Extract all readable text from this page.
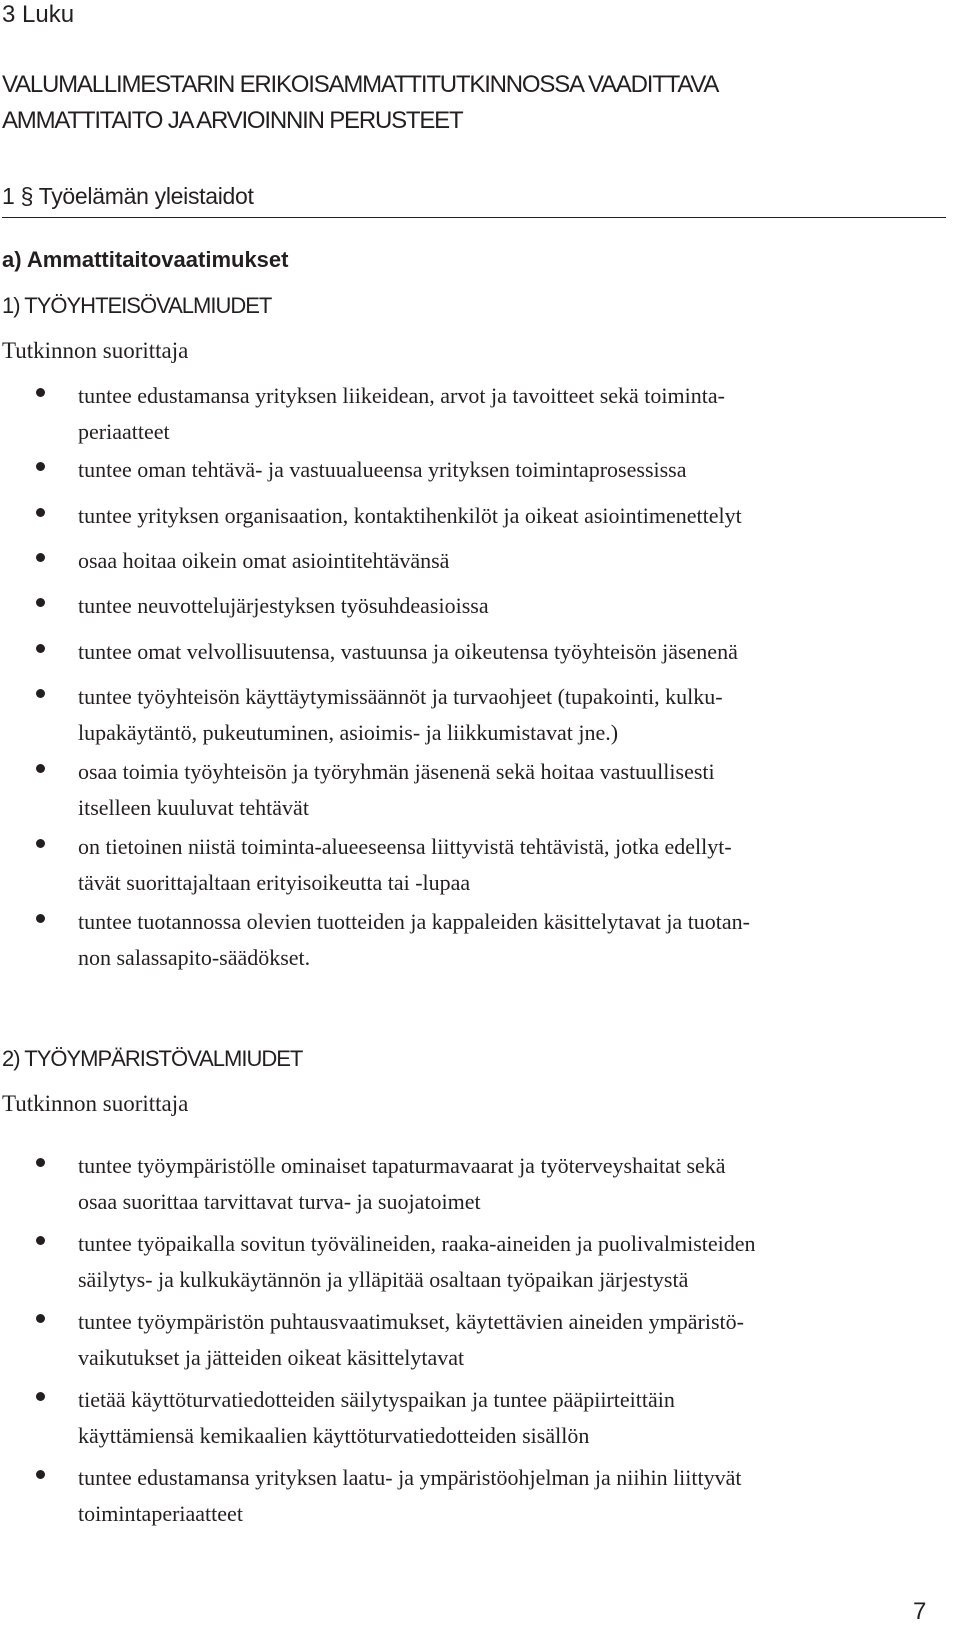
3 Luku
VALUMALLIMESTARIN ERIKOISAMMATTITUTKINNOSSA VAADITTAVA
AMMATTITAITO JA ARVIOINNIN PERUSTEET
1 § Työelämän yleistaidot
a) Ammattitaitovaatimukset
1) TYÖYHTEISÖVALMIUDET
Tutkinnon suorittaja
tuntee edustamansa yrityksen liikeidean, arvot ja tavoitteet sekä toiminta-
periaatteet
tuntee oman tehtävä- ja vastuualueensa yrityksen toimintaprosessissa
tuntee yrityksen organisaation, kontaktihenkilöt ja oikeat asiointimenettelyt
osaa hoitaa oikein omat asiointitehtävänsä
tuntee neuvottelujärjestyksen työsuhdeasioissa
tuntee omat velvollisuutensa, vastuunsa ja oikeutensa työyhteisön jäsenenä
tuntee työyhteisön käyttäytymissäännöt ja turvaohjeet (tupakointi, kulku-
lupakäytäntö, pukeutuminen, asioimis- ja liikkumistavat jne.)
osaa toimia työyhteisön ja työryhmän jäsenenä sekä hoitaa vastuullisesti
itselleen kuuluvat tehtävät
on tietoinen niistä toiminta-alueeseensa liittyvistä tehtävistä, jotka edellyt-
tävät suorittajaltaan erityisoikeutta tai -lupaa
tuntee tuotannossa olevien tuotteiden ja kappaleiden käsittelytavat ja tuotan-
non salassapito-säädökset.
2) TYÖYMPÄRISTÖVALMIUDET
Tutkinnon suorittaja
tuntee työympäristölle ominaiset tapaturmavaarat ja työterveyshaitat sekä
osaa suorittaa tarvittavat turva- ja suojatoimet
tuntee työpaikalla sovitun työvälineiden, raaka-aineiden ja puolivalmisteiden
säilytys- ja kulkukäytännön ja ylläpitää osaltaan työpaikan järjestystä
tuntee työympäristön puhtausvaatimukset, käytettävien aineiden ympäristö-
vaikutukset ja jätteiden oikeat käsittelytavat
tietää käyttöturvatiedotteiden säilytyspaikan ja tuntee pääpiirteittäin
käyttämiensä kemikaalien käyttöturvatiedotteiden sisällön
tuntee edustamansa yrityksen laatu- ja ympäristöohjelman ja niihin liittyvät
toimintaperiaatteet
7
